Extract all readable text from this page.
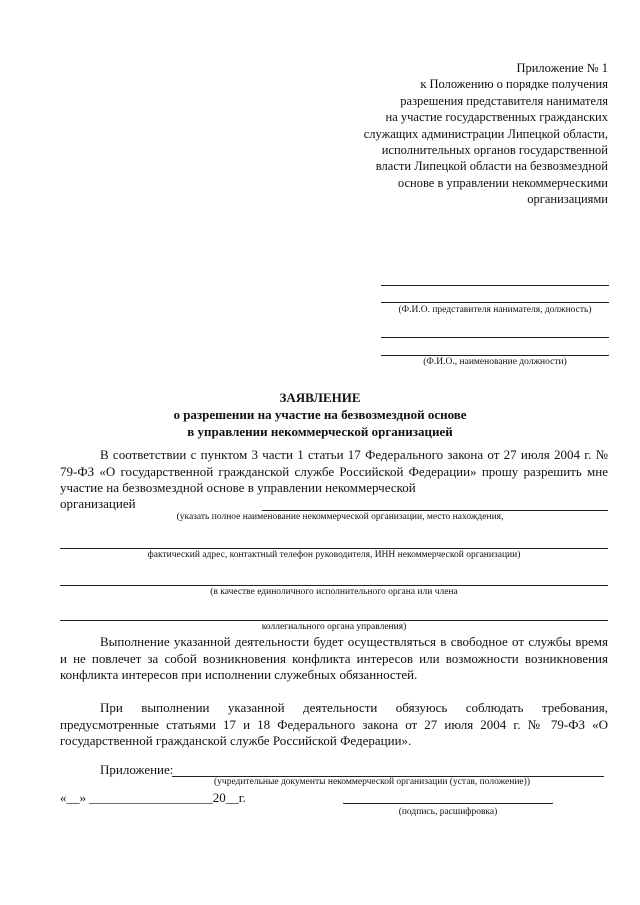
Приложение № 1
к Положению о порядке получения
разрешения представителя нанимателя
на участие государственных гражданских
служащих администрации Липецкой области,
исполнительных органов государственной
власти Липецкой области на безвозмездной
основе в управлении некоммерческими
организациями
(Ф.И.О. представителя нанимателя, должность)
(Ф.И.О., наименование должности)
ЗАЯВЛЕНИЕ
о разрешении на участие на безвозмездной основе
в управлении некоммерческой организацией
В соответствии с пунктом 3 части 1 статьи 17 Федерального закона от 27 июля 2004 г. № 79-ФЗ «О государственной гражданской службе Российской Федерации» прошу разрешить мне участие на безвозмездной основе в управлении некоммерческой
организацией
(указать полное наименование некоммерческой организации, место нахождения,
фактический адрес, контактный телефон руководителя, ИНН некоммерческой организации)
(в качестве единоличного исполнительного органа или члена
коллегиального органа управления)
Выполнение указанной деятельности будет осуществляться в свободное от службы время и не повлечет за собой возникновения конфликта интересов или возможности возникновения конфликта интересов при исполнении служебных обязанностей.
При выполнении указанной деятельности обязуюсь соблюдать требования, предусмотренные статьями 17 и 18 Федерального закона от 27 июля 2004 г. № 79-ФЗ «О государственной гражданской службе Российской Федерации».
Приложение:
(учредительные документы некоммерческой организации (устав, положение))
«__» ___________________20__г.
(подпись, расшифровка)
